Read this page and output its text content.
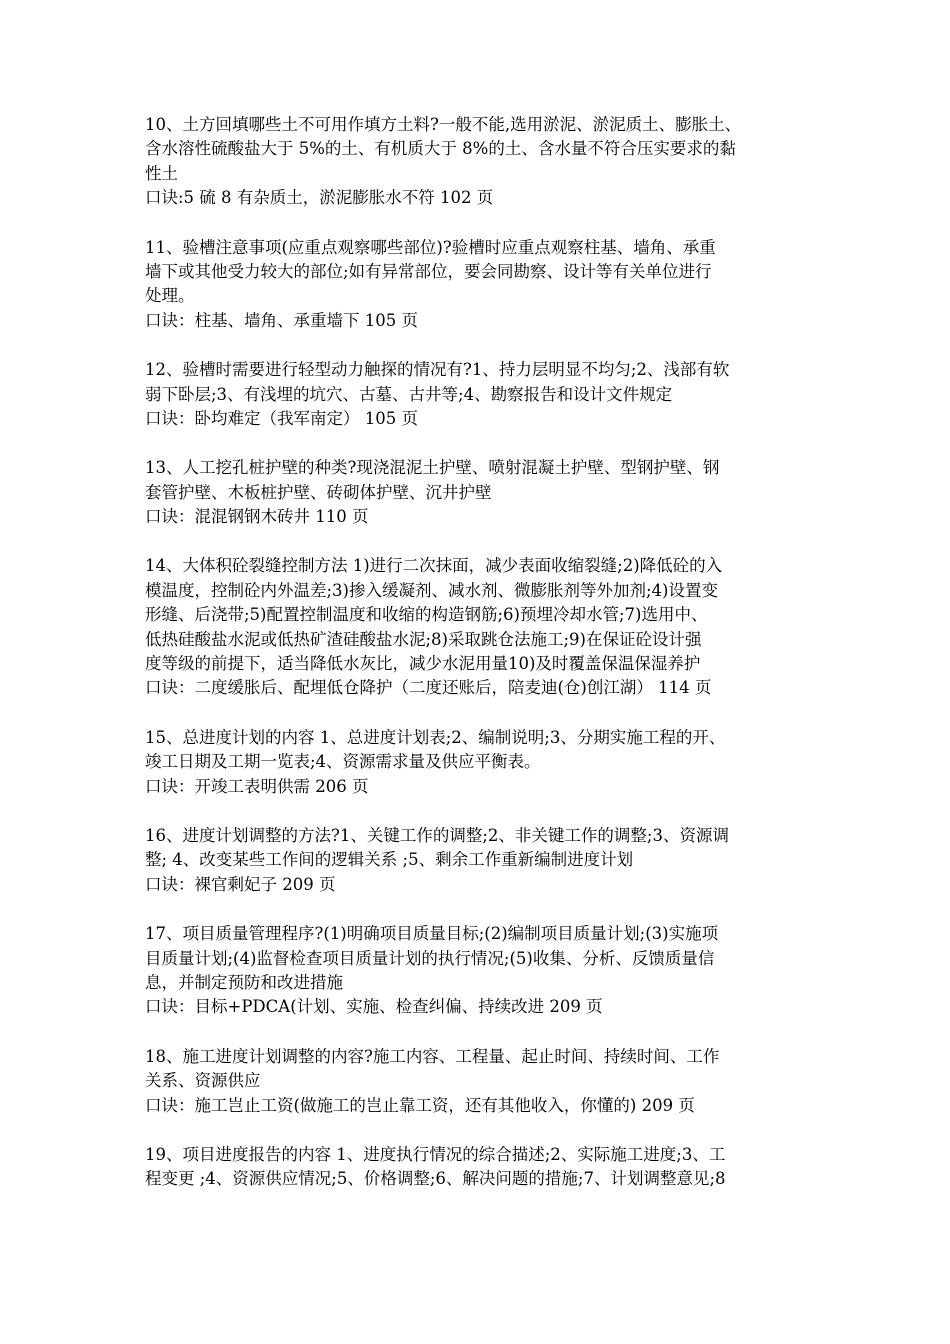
10、土方回填哪些土不可用作填方土料?一般不能,选用淤泥、淤泥质土、膨胀土、
含水溶性硫酸盐大于 5%的土、有机质大于 8%的土、含水量不符合压实要求的黏
性土
口诀:5 硫 8 有杂质土，淤泥膨胀水不符 102 页
11、验槽注意事项(应重点观察哪些部位)?验槽时应重点观察柱基、墙角、承重
墙下或其他受力较大的部位;如有异常部位，要会同勘察、设计等有关单位进行
处理。
口诀：柱基、墙角、承重墙下 105 页
12、验槽时需要进行轻型动力触探的情况有?1、持力层明显不均匀;2、浅部有软
弱下卧层;3、有浅埋的坑穴、古墓、古井等;4、勘察报告和设计文件规定
口诀：卧均难定（我军南定） 105 页
13、人工挖孔桩护壁的种类?现浇混泥土护壁、喷射混凝土护壁、型钢护壁、钢
套管护壁、木板桩护壁、砖砌体护壁、沉井护壁
口诀：混混钢钢木砖井 110 页
14、大体积砼裂缝控制方法 1)进行二次抹面，减少表面收缩裂缝;2)降低砼的入
模温度，控制砼内外温差;3)掺入缓凝剂、减水剂、微膨胀剂等外加剂;4)设置变
形缝、后浇带;5)配置控制温度和收缩的构造钢筋;6)预埋冷却水管;7)选用中、
低热硅酸盐水泥或低热矿渣硅酸盐水泥;8)采取跳仓法施工;9)在保证砼设计强
度等级的前提下，适当降低水灰比，减少水泥用量10)及时覆盖保温保湿养护
口诀：二度缓胀后、配埋低仓降护（二度还账后，陪麦迪(仓)创江湖） 114 页
15、总进度计划的内容 1、总进度计划表;2、编制说明;3、分期实施工程的开、
竣工日期及工期一览表;4、资源需求量及供应平衡表。
口诀：开竣工表明供需 206 页
16、进度计划调整的方法?1、关键工作的调整;2、非关键工作的调整;3、资源调
整; 4、改变某些工作间的逻辑关系 ;5、剩余工作重新编制进度计划
口诀：裸官剩妃子 209 页
17、项目质量管理程序?(1)明确项目质量目标;(2)编制项目质量计划;(3)实施项
目质量计划;(4)监督检查项目质量计划的执行情况;(5)收集、分析、反馈质量信
息，并制定预防和改进措施
口诀：目标+PDCA(计划、实施、检查纠偏、持续改进 209 页
18、施工进度计划调整的内容?施工内容、工程量、起止时间、持续时间、工作
关系、资源供应
口诀：施工岂止工资(做施工的岂止靠工资，还有其他收入，你懂的) 209 页
19、项目进度报告的内容 1、进度执行情况的综合描述;2、实际施工进度;3、工
程变更 ;4、资源供应情况;5、价格调整;6、解决问题的措施;7、计划调整意见;8
